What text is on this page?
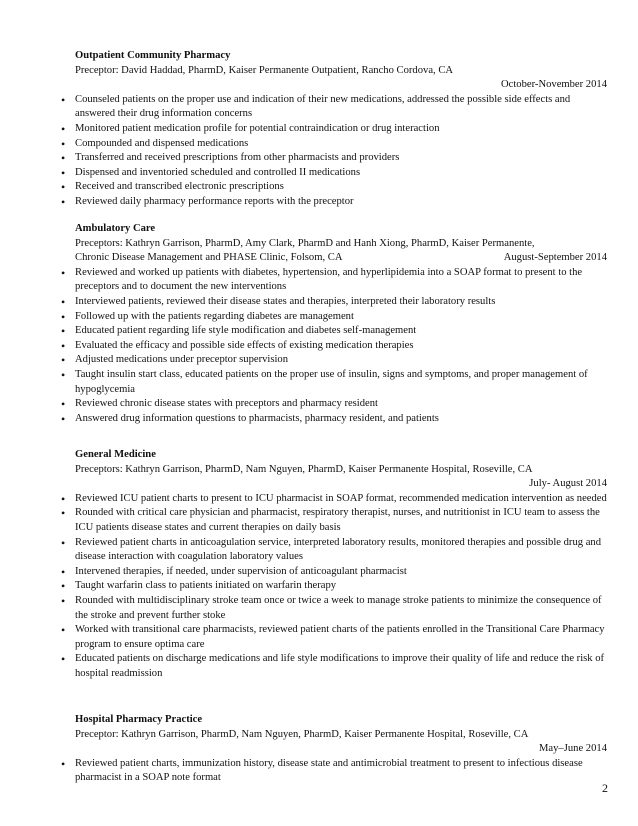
Outpatient Community Pharmacy

Preceptor: David Haddad, PharmD, Kaiser Permanente Outpatient, Rancho Cordova, CA

October-November 2014

• Counseled patients on the proper use and indication of their new medications, addressed the possible side effects and answered their drug information concerns
• Monitored patient medication profile for potential contraindication or drug interaction
• Compounded and dispensed medications
• Transferred and received prescriptions from other pharmacists and providers
• Dispensed and inventoried scheduled and controlled II medications
• Received and transcribed electronic prescriptions
• Reviewed daily pharmacy performance reports with the preceptor

Ambulatory Care

Preceptors: Kathryn Garrison, PharmD, Amy Clark, PharmD and Hanh Xiong, PharmD, Kaiser Permanente,

Chronic Disease Management and PHASE Clinic, Folsom, CA	August-September 2014

• Reviewed and worked up patients with diabetes, hypertension, and hyperlipidemia into a SOAP format to present to the preceptors and to document the new interventions
• Interviewed patients, reviewed their disease states and therapies, interpreted their laboratory results
• Followed up with the patients regarding diabetes are management
• Educated patient regarding life style modification and diabetes self-management
• Evaluated the efficacy and possible side effects of existing medication therapies
• Adjusted medications under preceptor supervision
• Taught insulin start class, educated patients on the proper use of insulin, signs and symptoms, and proper management of hypoglycemia
• Reviewed chronic disease states with preceptors and pharmacy resident
• Answered drug information questions to pharmacists, pharmacy resident, and patients

General Medicine

Preceptors: Kathryn Garrison, PharmD, Nam Nguyen, PharmD, Kaiser Permanente Hospital, Roseville, CA

July- August 2014

• Reviewed ICU patient charts to present to ICU pharmacist in SOAP format, recommended medication intervention as needed
• Rounded with critical care physician and pharmacist, respiratory therapist, nurses, and nutritionist in ICU team to assess the ICU patients disease states and current therapies on daily basis
• Reviewed patient charts in anticoagulation service, interpreted laboratory results, monitored therapies and possible drug and disease interaction with coagulation laboratory values
• Intervened therapies, if needed, under supervision of anticoagulant pharmacist
• Taught warfarin class to patients initiated on warfarin therapy
• Rounded with multidisciplinary stroke team once or twice a week to manage stroke patients to minimize the consequence of the stroke and prevent further stoke
• Worked with transitional care pharmacists, reviewed patient charts of the patients enrolled in the Transitional Care Pharmacy program to ensure optima care
• Educated patients on discharge medications and life style modifications to improve their quality of life and reduce the risk of hospital readmission

Hospital Pharmacy Practice

Preceptor: Kathryn Garrison, PharmD, Nam Nguyen, PharmD, Kaiser Permanente Hospital, Roseville, CA

May–June 2014

• Reviewed patient charts, immunization history, disease state and antimicrobial treatment to present to infectious disease pharmacist in a SOAP note format
2
